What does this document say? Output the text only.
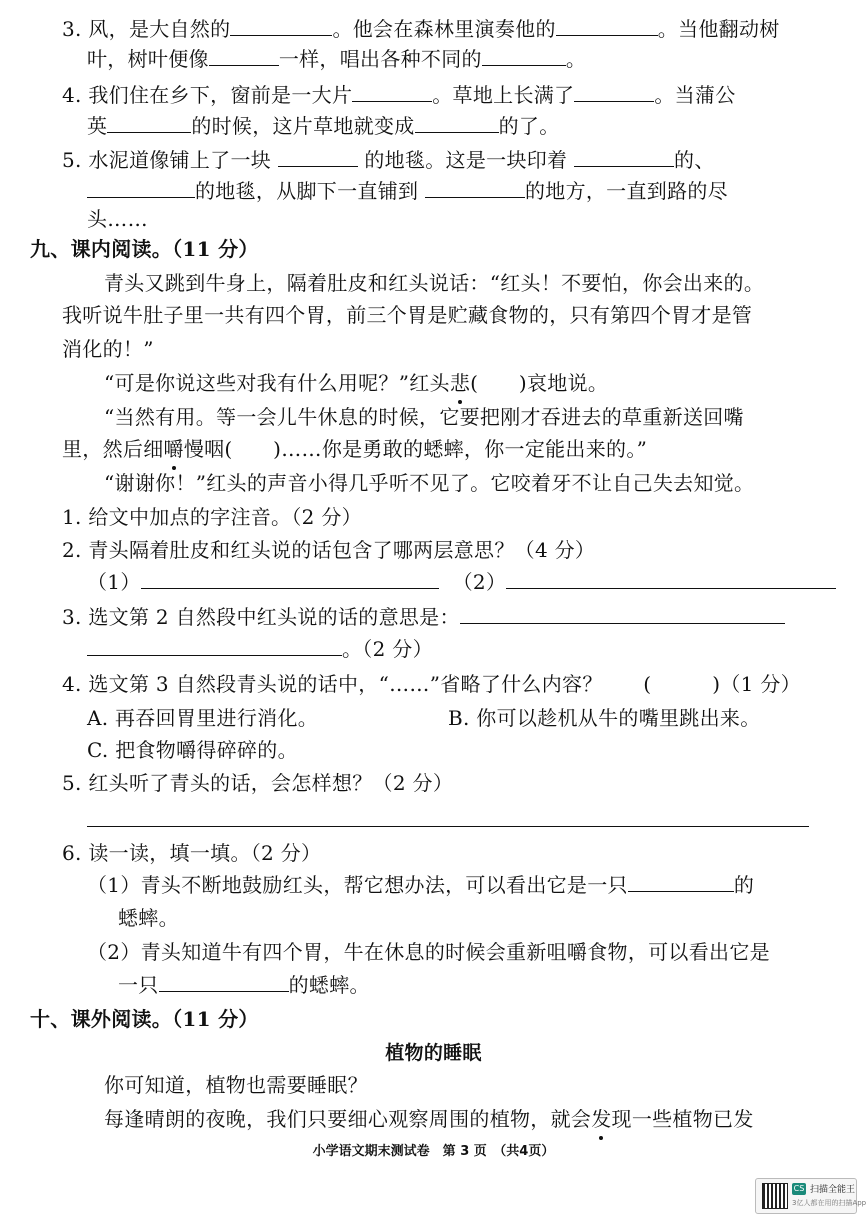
3. 风，是大自然的	。他会在森林里演奏他的	。当他翻动树
叶，树叶便像	一样，唱出各种不同的	。
4. 我们住在乡下，窗前是一大片	。草地上长满了	。当蒲公
英	的时候，这片草地就变成	的了。
5. 水泥道像铺上了一块	的地毯。这是一块印着	的、
的地毯，从脚下一直铺到	的地方，一直到路的尽
头……
九、课内阅读。（11 分）
青头又跳到牛身上，隔着肚皮和红头说话：“红头！不要怕，你会出来的。
我听说牛肚子里一共有四个胃，前三个胃是贮藏食物的，只有第四个胃才是管
消化的！”
“可是你说这些对我有什么用呢？”红头悲(　　)哀地说。
“当然有用。等一会儿牛休息的时候，它要把刚才吞进去的草重新送回嘴
里，然后细嚼慢咽(　　)……你是勇敢的蟋蟀，你一定能出来的。”
“谢谢你！”红头的声音小得几乎听不见了。它咬着牙不让自己失去知觉。
1. 给文中加点的字注音。（2 分）
2. 青头隔着肚皮和红头说的话包含了哪两层意思？（4 分）
（1）	（2）
3. 选文第 2 自然段中红头说的话的意思是：
。（2 分）
4. 选文第 3 自然段青头说的话中，“……”省略了什么内容？　　(　　　)（1 分）
A. 再吞回胃里进行消化。	B. 你可以趁机从牛的嘴里跳出来。
C. 把食物嚼得碎碎的。
5. 红头听了青头的话，会怎样想？（2 分）
6. 读一读，填一填。（2 分）
（1）青头不断地鼓励红头，帮它想办法，可以看出它是一只	的
蟋蟀。
（2）青头知道牛有四个胃，牛在休息的时候会重新咀嚼食物，可以看出它是
一只	的蟋蟀。
十、课外阅读。（11 分）
植物的睡眠
你可知道，植物也需要睡眠？
每逢晴朗的夜晚，我们只要细心观察周围的植物，就会发现一些植物已发
小学语文期末测试卷　第 3 页　（共4页）
CS 扫描全能王
3亿人都在用的扫描App
